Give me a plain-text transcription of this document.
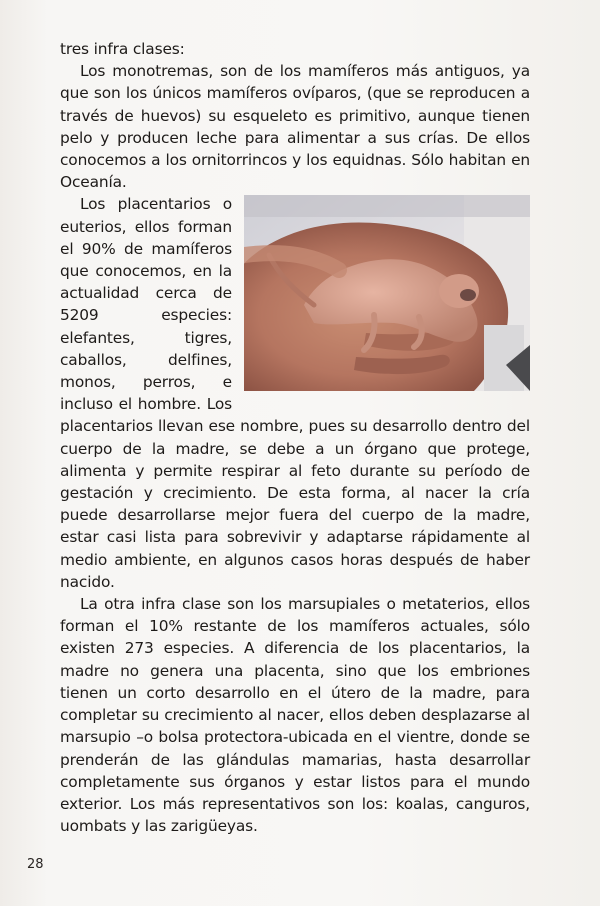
tres infra clases:

Los monotremas, son de los mamíferos más antiguos, ya que son los únicos mamíferos ovíparos, (que se reproducen a través de huevos) su esqueleto es primitivo, aunque tienen pelo y producen leche para alimentar a sus crías. De ellos conocemos a los ornitorrincos y los equidnas. Sólo habitan en Oceanía.

Los placentarios o euterios, ellos forman el 90% de mamíferos que conocemos, en la actualidad cerca de 5209 especies: elefantes, tigres, caballos, delfines, monos, perros, e incluso el hombre. Los placentarios llevan ese nombre, pues su desarrollo dentro del cuerpo de la madre, se debe a un órgano que protege, alimenta y permite respirar al feto durante su período de gestación y crecimiento. De esta forma, al nacer la cría puede desarrollarse mejor fuera del cuerpo de la madre, estar casi lista para sobrevivir y adaptarse rápidamente al medio ambiente, en algunos casos horas después de haber nacido.

La otra infra clase son los marsupiales o metaterios, ellos forman el 10% restante de los mamíferos actuales, sólo existen 273 especies. A diferencia de los placentarios, la madre no genera una placenta, sino que los embriones tienen un corto desarrollo en el útero de la madre, para completar su crecimiento al nacer, ellos deben desplazarse al marsupio –o bolsa protectora-ubicada en el vientre, donde se prenderán de las glándulas mamarias, hasta desarrollar completamente sus órganos y estar listos para el mundo exterior. Los más representativos son los: koalas, canguros, uombats y las zarigüeyas.

28
